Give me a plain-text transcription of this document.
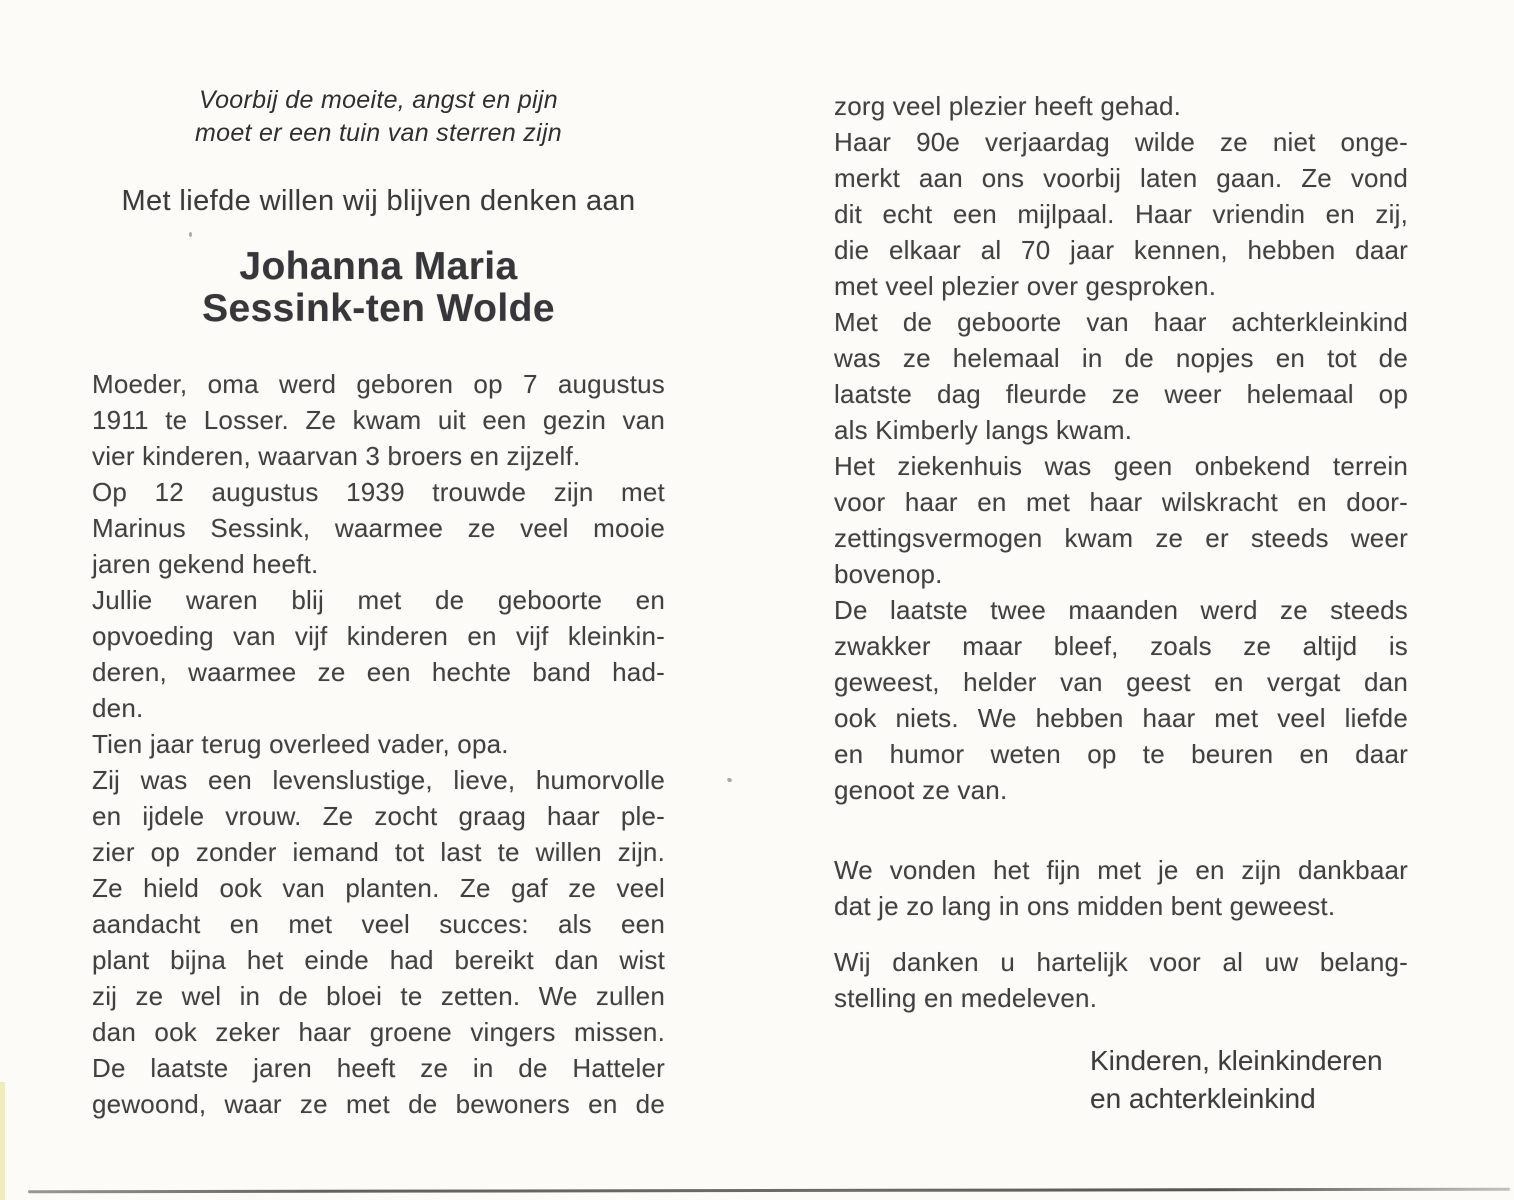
Voorbij de moeite, angst en pijn
moet er een tuin van sterren zijn
Met liefde willen wij blijven denken aan
Johanna Maria
Sessink-ten Wolde
Moeder, oma werd geboren op 7 augustus
1911 te Losser. Ze kwam uit een gezin van
vier kinderen, waarvan 3 broers en zijzelf.
Op 12 augustus 1939 trouwde zijn met
Marinus Sessink, waarmee ze veel mooie
jaren gekend heeft.
Jullie waren blij met de geboorte en
opvoeding van vijf kinderen en vijf kleinkin-
deren, waarmee ze een hechte band had-
den.
Tien jaar terug overleed vader, opa.
Zij was een levenslustige, lieve, humorvolle
en ijdele vrouw. Ze zocht graag haar ple-
zier op zonder iemand tot last te willen zijn.
Ze hield ook van planten. Ze gaf ze veel
aandacht en met veel succes: als een
plant bijna het einde had bereikt dan wist
zij ze wel in de bloei te zetten. We zullen
dan ook zeker haar groene vingers missen.
De laatste jaren heeft ze in de Hatteler
gewoond, waar ze met de bewoners en de
zorg veel plezier heeft gehad.
Haar 90e verjaardag wilde ze niet onge-
merkt aan ons voorbij laten gaan. Ze vond
dit echt een mijlpaal. Haar vriendin en zij,
die elkaar al 70 jaar kennen, hebben daar
met veel plezier over gesproken.
Met de geboorte van haar achterkleinkind
was ze helemaal in de nopjes en tot de
laatste dag fleurde ze weer helemaal op
als Kimberly langs kwam.
Het ziekenhuis was geen onbekend terrein
voor haar en met haar wilskracht en door-
zettingsvermogen kwam ze er steeds weer
bovenop.
De laatste twee maanden werd ze steeds
zwakker maar bleef, zoals ze altijd is
geweest, helder van geest en vergat dan
ook niets. We hebben haar met veel liefde
en humor weten op te beuren en daar
genoot ze van.
We vonden het fijn met je en zijn dankbaar
dat je zo lang in ons midden bent geweest.
Wij danken u hartelijk voor al uw belang-
stelling en medeleven.
Kinderen, kleinkinderen
en achterkleinkind
